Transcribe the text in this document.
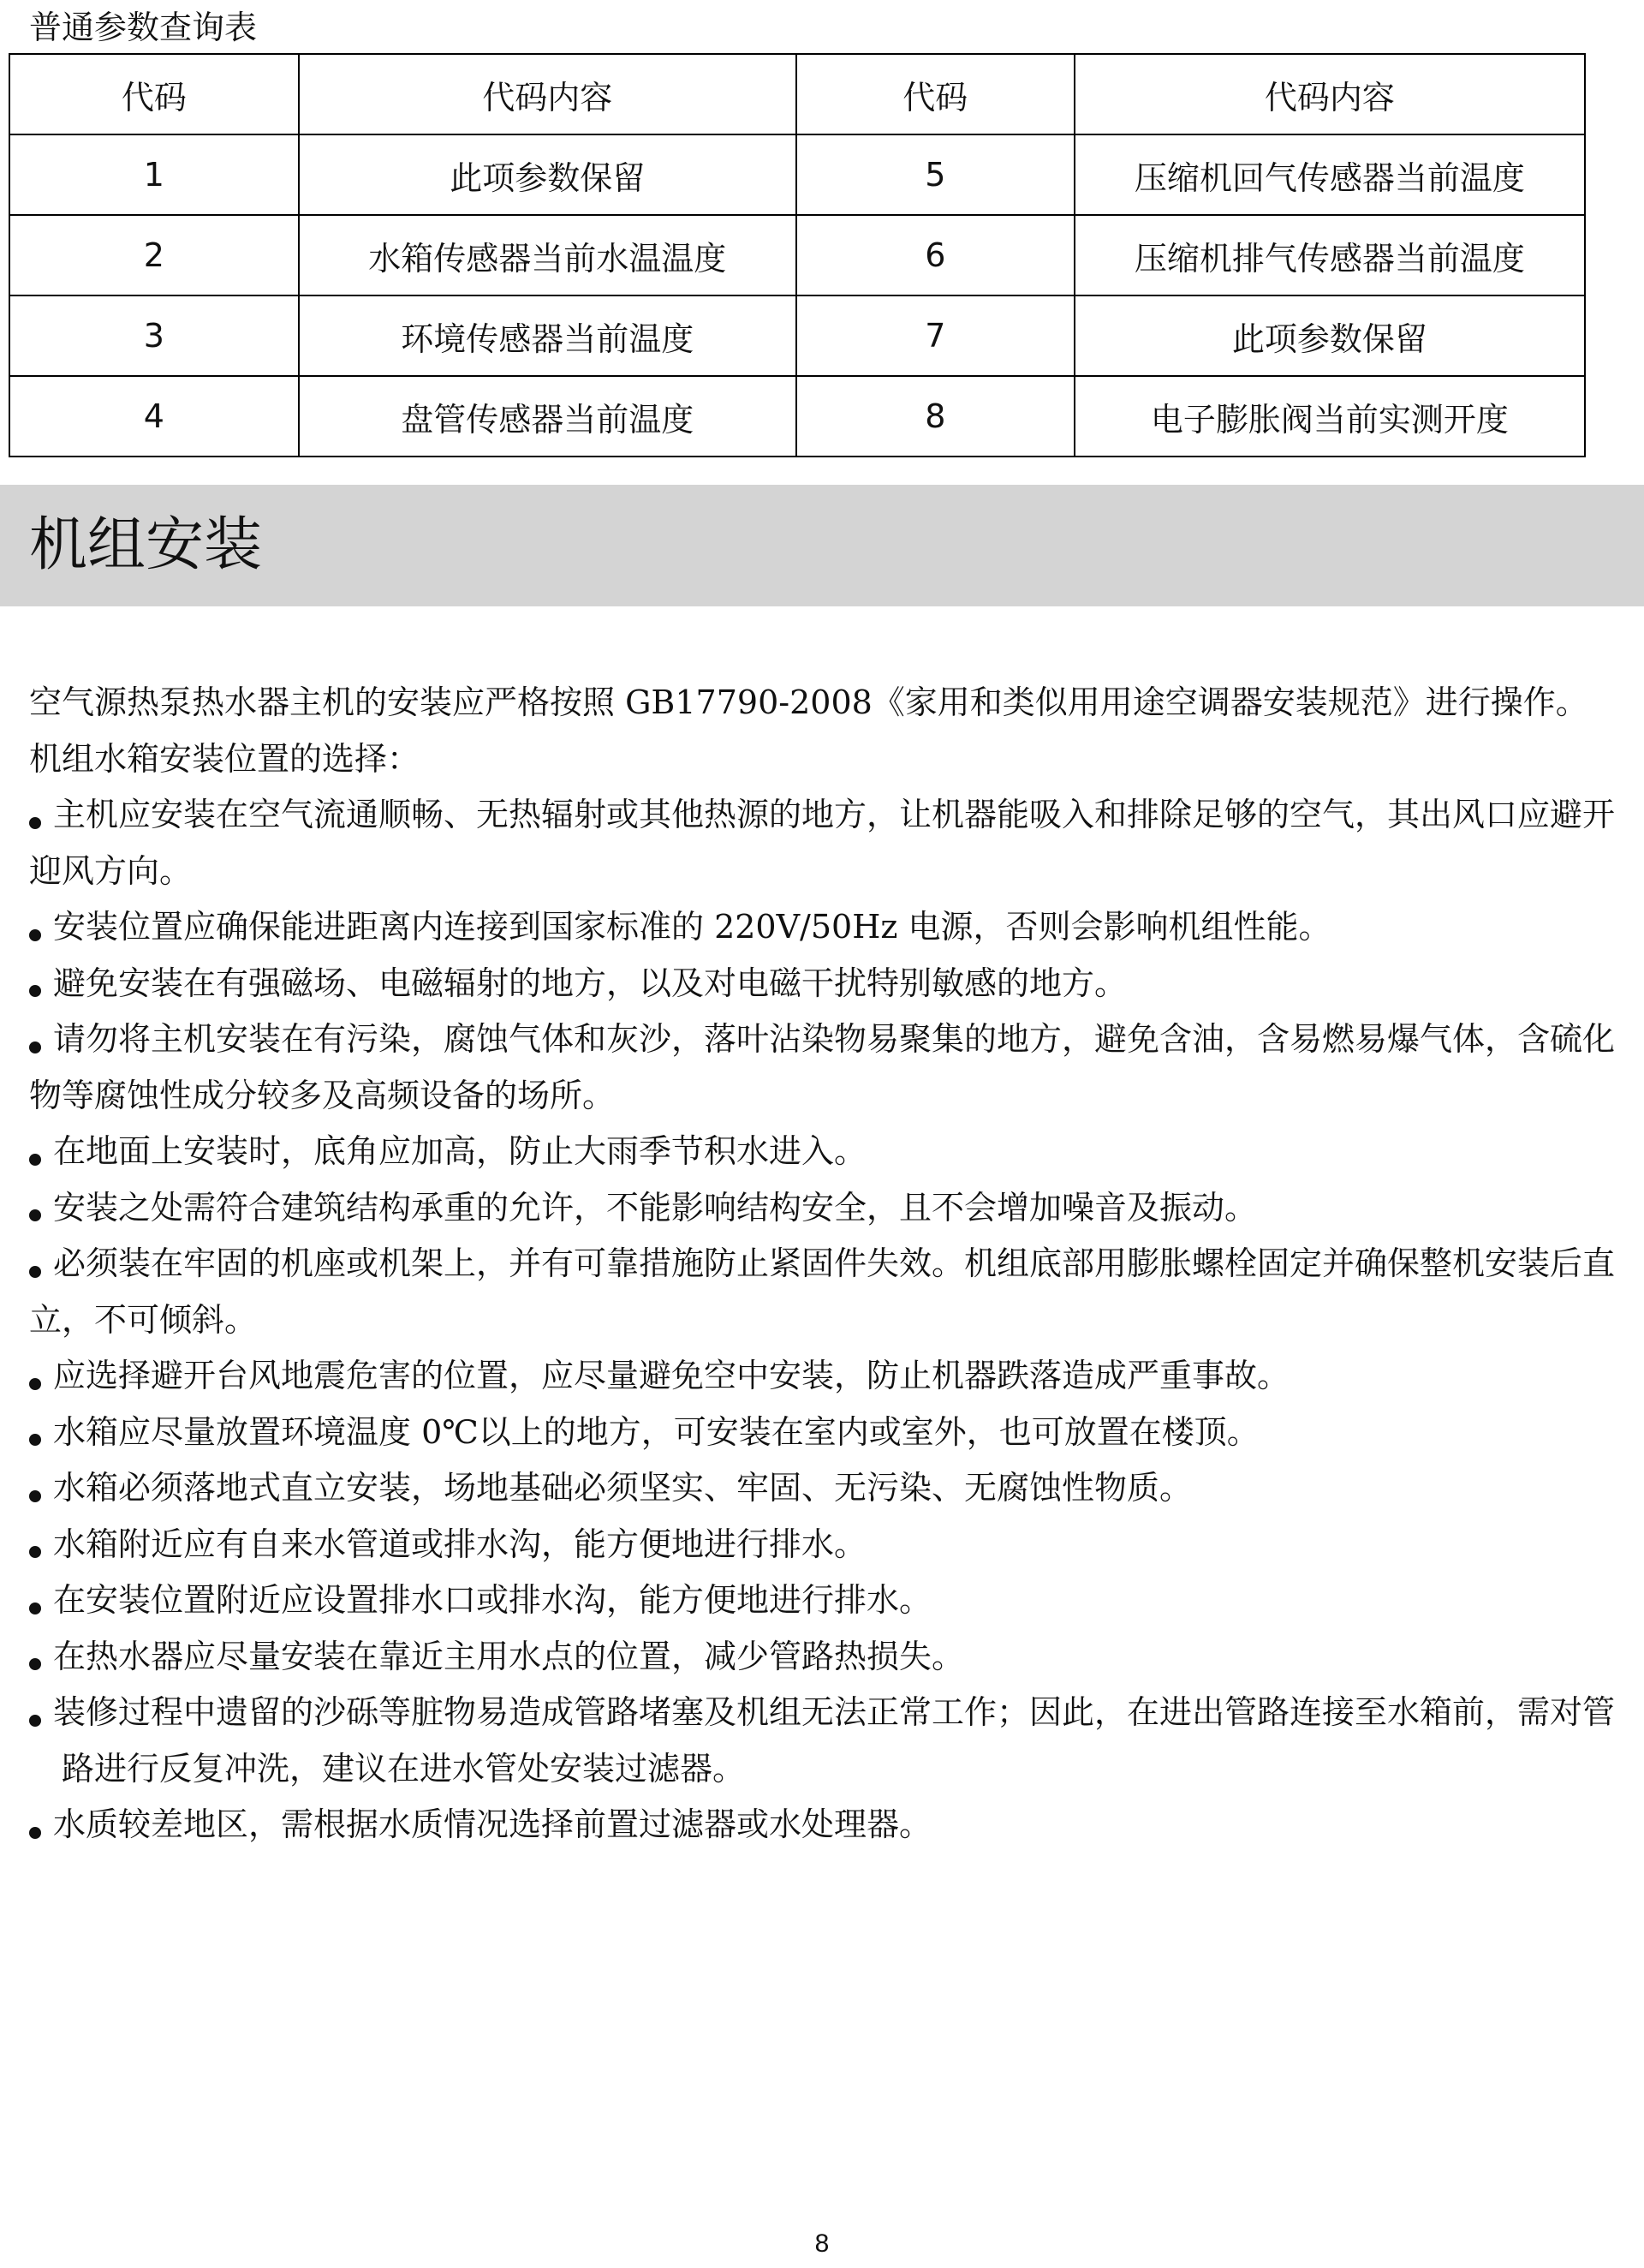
普通参数查询表
代码	代码内容	代码	代码内容
1	此项参数保留	5	压缩机回气传感器当前温度
2	水箱传感器当前水温温度	6	压缩机排气传感器当前温度
3	环境传感器当前温度	7	此项参数保留
4	盘管传感器当前温度	8	电子膨胀阀当前实测开度
机组安装

空气源热泵热水器主机的安装应严格按照 GB17790-2008《家用和类似用用途空调器安装规范》进行操作。

机组水箱安装位置的选择：

主机应安装在空气流通顺畅、无热辐射或其他热源的地方，让机器能吸入和排除足够的空气，其出风口应避开迎风方向。
安装位置应确保能进距离内连接到国家标准的 220V/50Hz 电源，否则会影响机组性能。
避免安装在有强磁场、电磁辐射的地方，以及对电磁干扰特别敏感的地方。
请勿将主机安装在有污染，腐蚀气体和灰沙，落叶沾染物易聚集的地方，避免含油，含易燃易爆气体，含硫化物等腐蚀性成分较多及高频设备的场所。
在地面上安装时，底角应加高，防止大雨季节积水进入。
安装之处需符合建筑结构承重的允许，不能影响结构安全，且不会增加噪音及振动。
必须装在牢固的机座或机架上，并有可靠措施防止紧固件失效。机组底部用膨胀螺栓固定并确保整机安装后直立，不可倾斜。
应选择避开台风地震危害的位置，应尽量避免空中安装，防止机器跌落造成严重事故。
水箱应尽量放置环境温度 0℃以上的地方，可安装在室内或室外，也可放置在楼顶。
水箱必须落地式直立安装，场地基础必须坚实、牢固、无污染、无腐蚀性物质。
水箱附近应有自来水管道或排水沟，能方便地进行排水。
在安装位置附近应设置排水口或排水沟，能方便地进行排水。
在热水器应尽量安装在靠近主用水点的位置，减少管路热损失。
装修过程中遗留的沙砾等脏物易造成管路堵塞及机组无法正常工作；因此，在进出管路连接至水箱前，需对管路进行反复冲洗，建议在进水管处安装过滤器。
水质较差地区，需根据水质情况选择前置过滤器或水处理器。
8
